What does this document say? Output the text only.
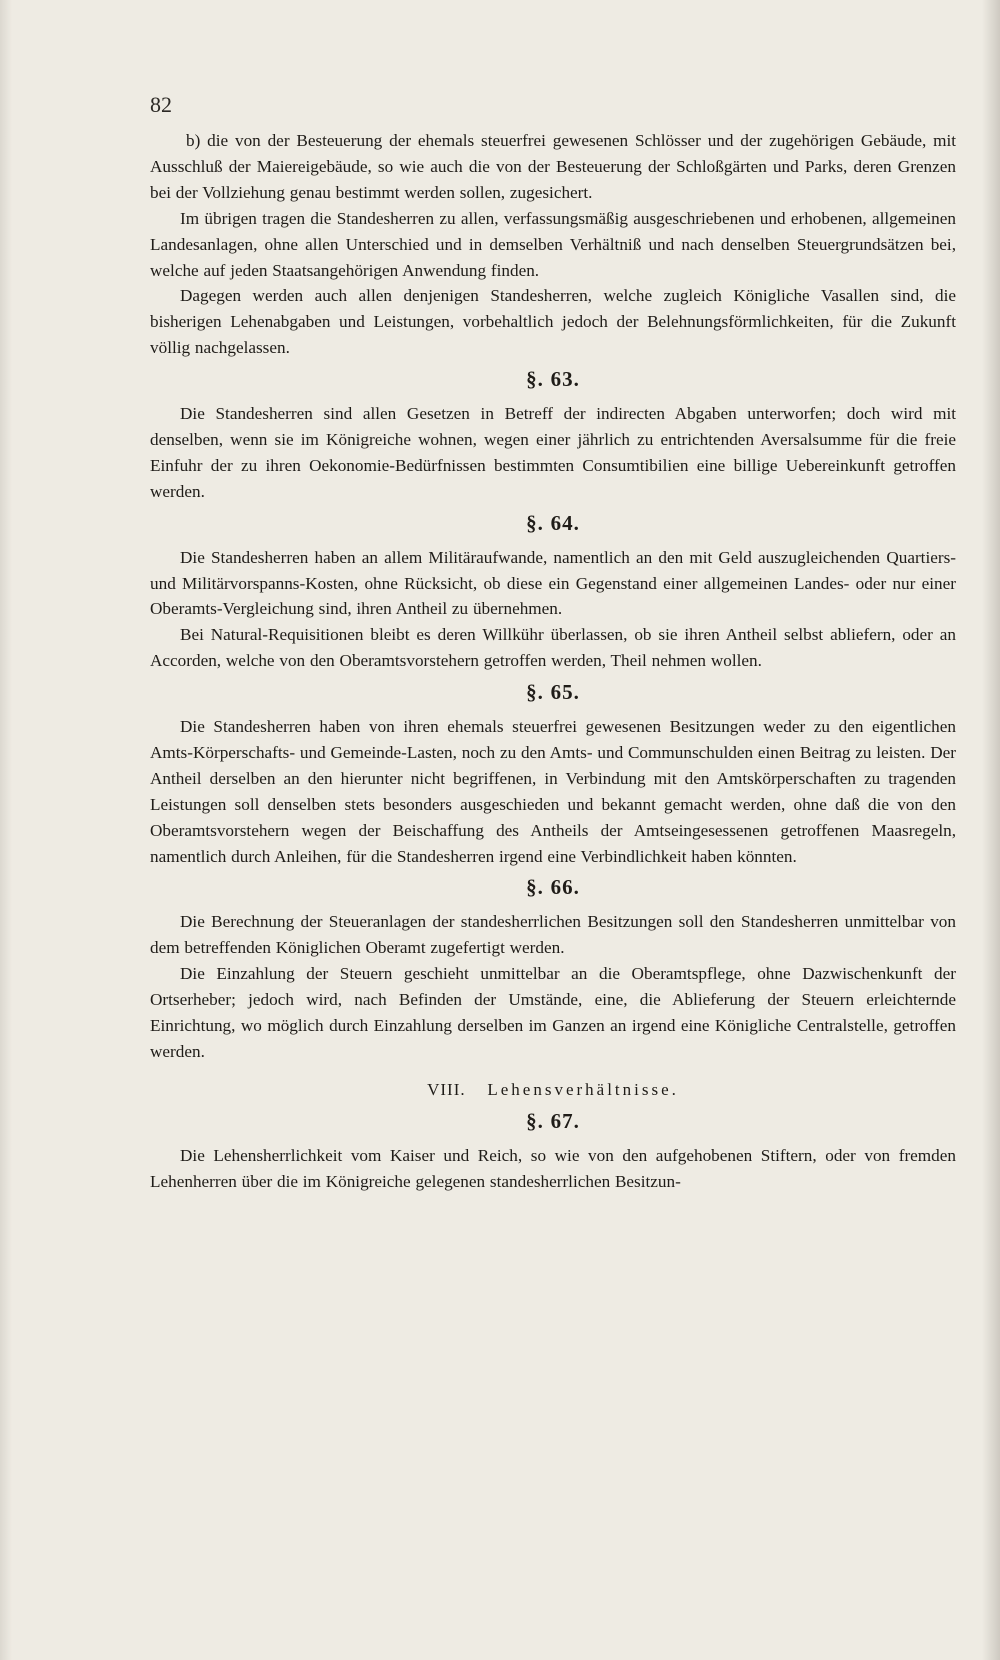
82

b) die von der Besteuerung der ehemals steuerfrei gewesenen Schlösser und der zugehörigen Gebäude, mit Ausschluß der Maiereigebäude, so wie auch die von der Besteuerung der Schloßgärten und Parks, deren Grenzen bei der Vollziehung genau bestimmt werden sollen, zugesichert.

Im übrigen tragen die Standesherren zu allen, verfassungsmäßig ausgeschriebenen und erhobenen, allgemeinen Landesanlagen, ohne allen Unterschied und in demselben Verhältniß und nach denselben Steuergrundsätzen bei, welche auf jeden Staatsangehörigen Anwendung finden.

Dagegen werden auch allen denjenigen Standesherren, welche zugleich Königliche Vasallen sind, die bisherigen Lehenabgaben und Leistungen, vorbehaltlich jedoch der Belehnungsförmlichkeiten, für die Zukunft völlig nachgelassen.

§. 63.

Die Standesherren sind allen Gesetzen in Betreff der indirecten Abgaben unterworfen; doch wird mit denselben, wenn sie im Königreiche wohnen, wegen einer jährlich zu entrichtenden Aversalsumme für die freie Einfuhr der zu ihren Oekonomie-Bedürfnissen bestimmten Consumtibilien eine billige Uebereinkunft getroffen werden.

§. 64.

Die Standesherren haben an allem Militäraufwande, namentlich an den mit Geld auszugleichenden Quartiers- und Militärvorspanns-Kosten, ohne Rücksicht, ob diese ein Gegenstand einer allgemeinen Landes- oder nur einer Oberamts-Vergleichung sind, ihren Antheil zu übernehmen.

Bei Natural-Requisitionen bleibt es deren Willkühr überlassen, ob sie ihren Antheil selbst abliefern, oder an Accorden, welche von den Oberamtsvorstehern getroffen werden, Theil nehmen wollen.

§. 65.

Die Standesherren haben von ihren ehemals steuerfrei gewesenen Besitzungen weder zu den eigentlichen Amts-Körperschafts- und Gemeinde-Lasten, noch zu den Amts- und Communschulden einen Beitrag zu leisten. Der Antheil derselben an den hierunter nicht begriffenen, in Verbindung mit den Amtskörperschaften zu tragenden Leistungen soll denselben stets besonders ausgeschieden und bekannt gemacht werden, ohne daß die von den Oberamtsvorstehern wegen der Beischaffung des Antheils der Amtseingesessenen getroffenen Maasregeln, namentlich durch Anleihen, für die Standesherren irgend eine Verbindlichkeit haben könnten.

§. 66.

Die Berechnung der Steueranlagen der standesherrlichen Besitzungen soll den Standesherren unmittelbar von dem betreffenden Königlichen Oberamt zugefertigt werden.

Die Einzahlung der Steuern geschieht unmittelbar an die Oberamtspflege, ohne Dazwischenkunft der Ortserheber; jedoch wird, nach Befinden der Umstände, eine, die Ablieferung der Steuern erleichternde Einrichtung, wo möglich durch Einzahlung derselben im Ganzen an irgend eine Königliche Centralstelle, getroffen werden.

VIII. Lehensverhältnisse.
§. 67.

Die Lehensherrlichkeit vom Kaiser und Reich, so wie von den aufgehobenen Stiftern, oder von fremden Lehenherren über die im Königreiche gelegenen standesherrlichen Besitzun-
